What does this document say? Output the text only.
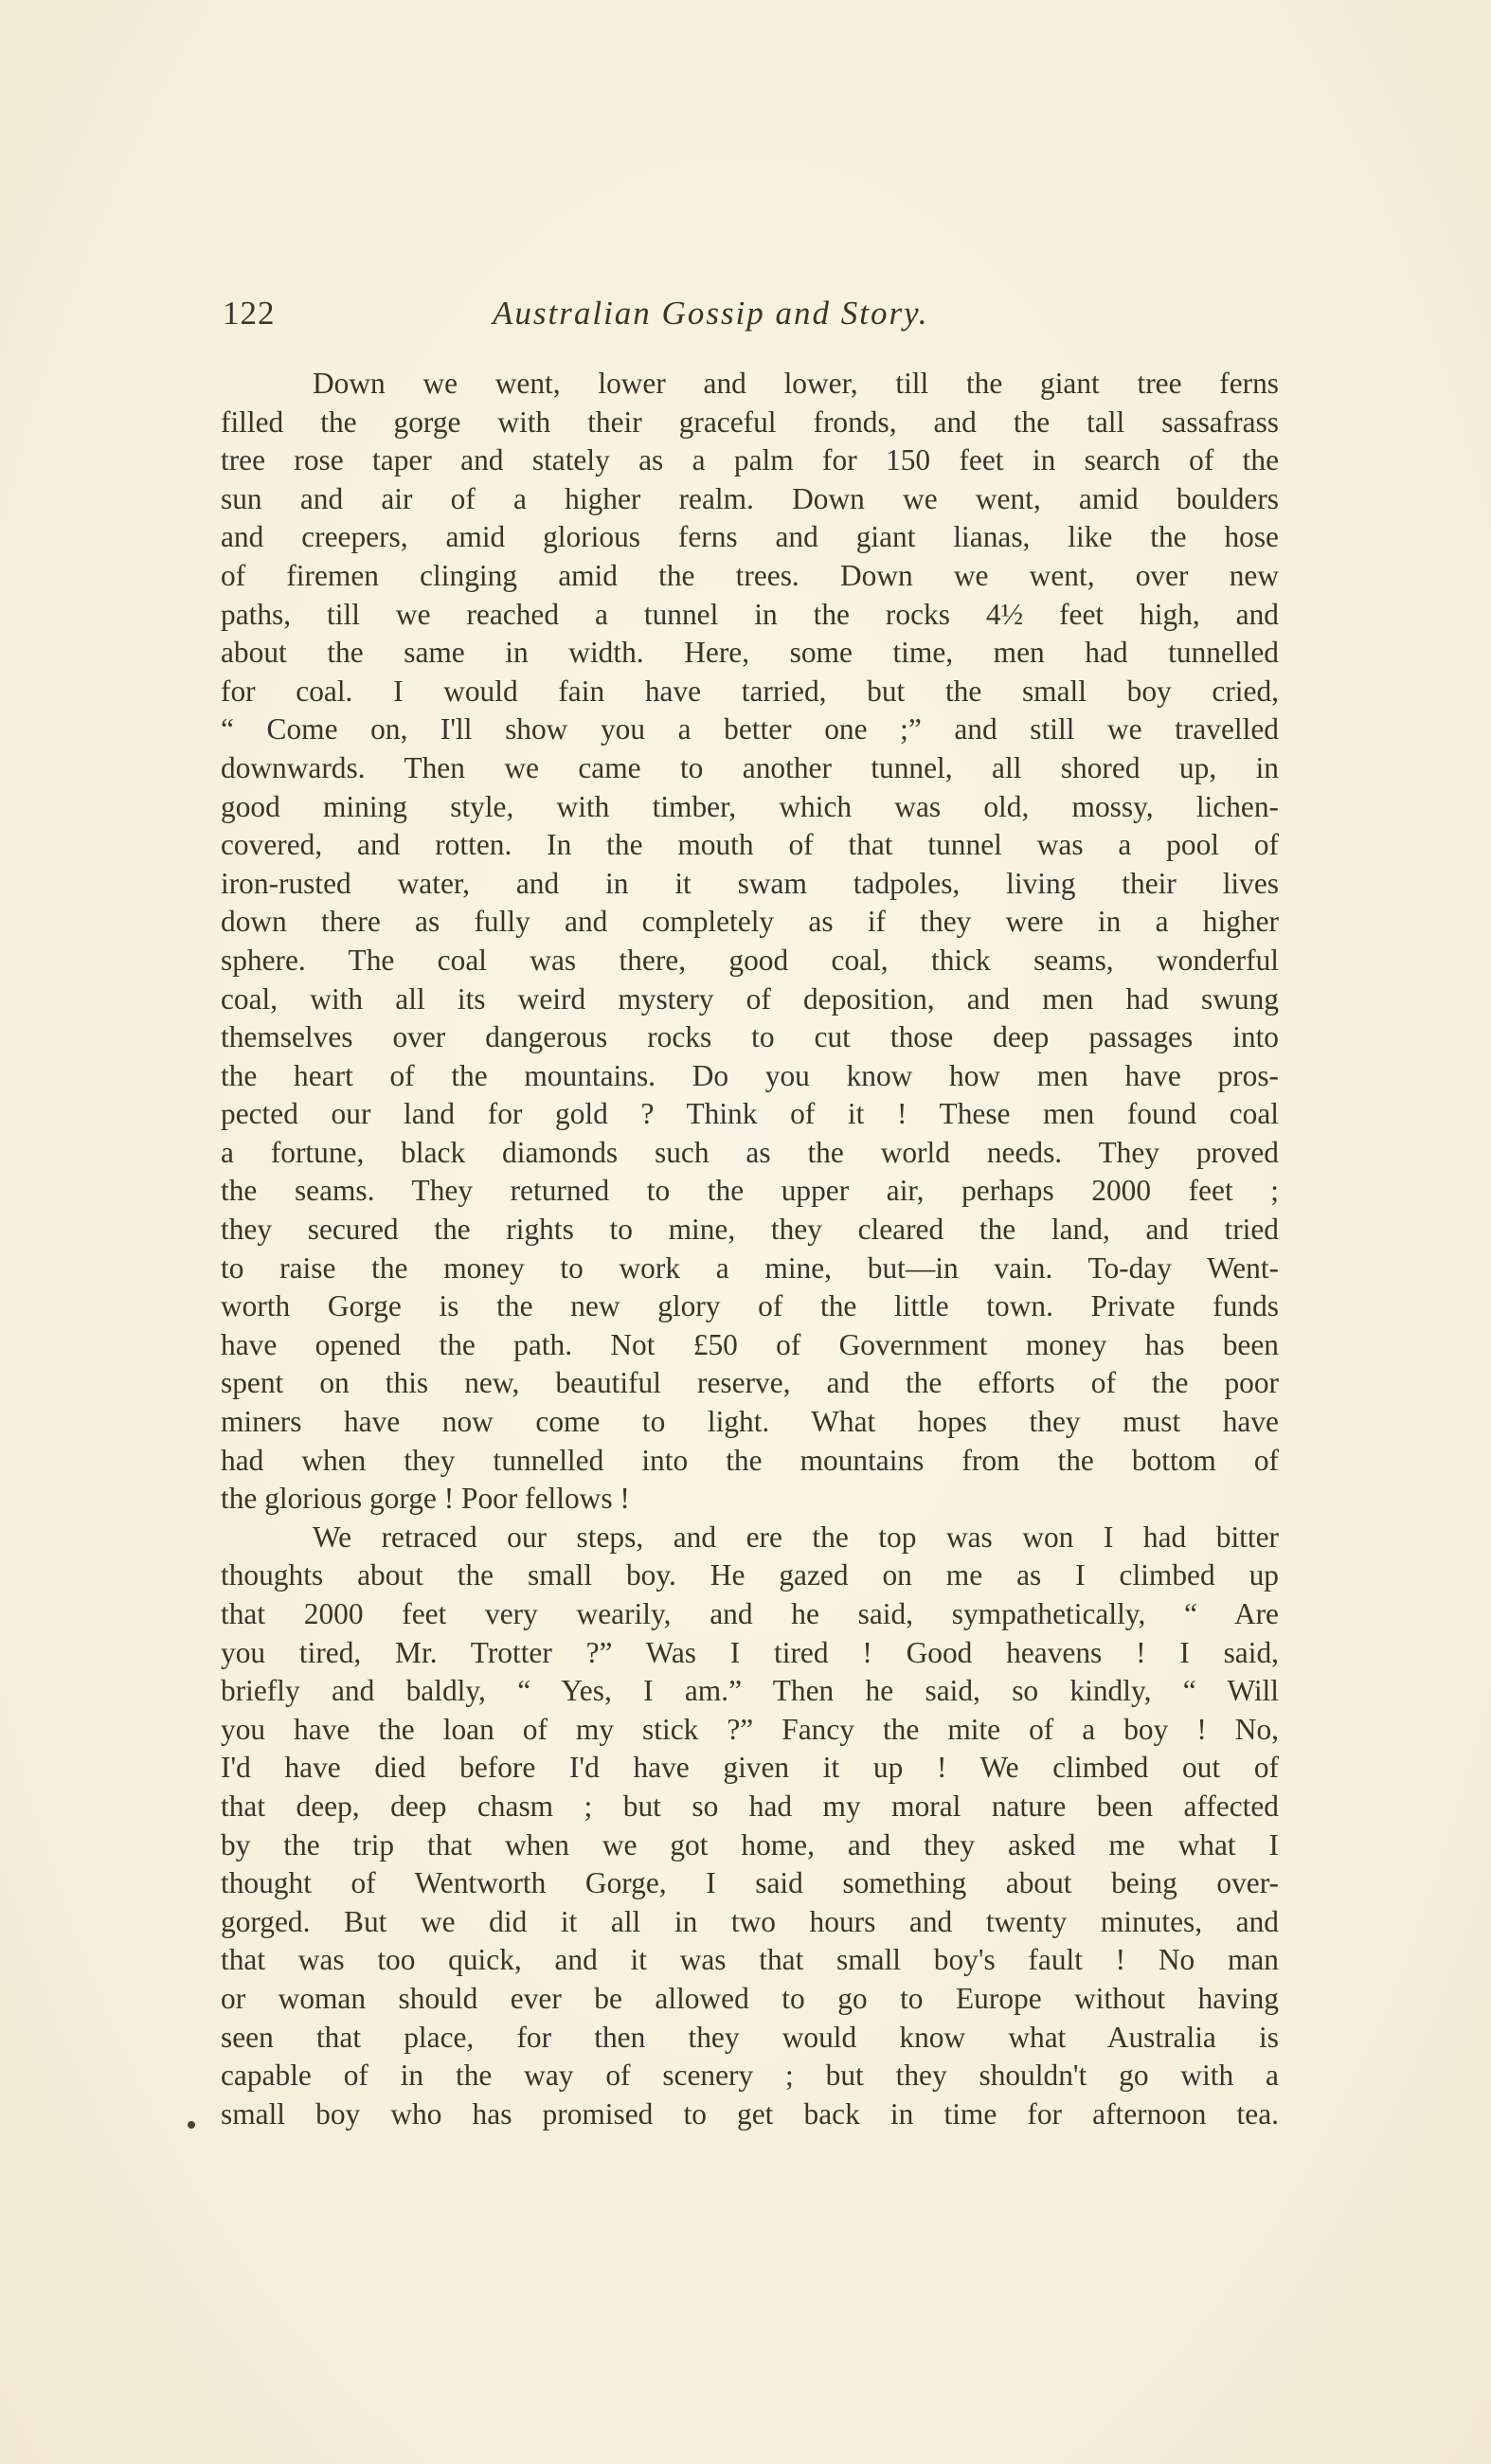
122	Australian Gossip and Story.
Down we went, lower and lower, till the giant tree ferns
filled the gorge with their graceful fronds, and the tall sassafrass
tree rose taper and stately as a palm for 150 feet in search of the
sun and air of a higher realm. Down we went, amid boulders
and creepers, amid glorious ferns and giant lianas, like the hose
of firemen clinging amid the trees. Down we went, over new
paths, till we reached a tunnel in the rocks 4½ feet high, and
about the same in width. Here, some time, men had tunnelled
for coal. I would fain have tarried, but the small boy cried,
“ Come on, I'll show you a better one ;” and still we travelled
downwards. Then we came to another tunnel, all shored up, in
good mining style, with timber, which was old, mossy, lichen-
covered, and rotten. In the mouth of that tunnel was a pool of
iron-rusted water, and in it swam tadpoles, living their lives
down there as fully and completely as if they were in a higher
sphere. The coal was there, good coal, thick seams, wonderful
coal, with all its weird mystery of deposition, and men had swung
themselves over dangerous rocks to cut those deep passages into
the heart of the mountains. Do you know how men have pros-
pected our land for gold ? Think of it ! These men found coal
a fortune, black diamonds such as the world needs. They proved
the seams. They returned to the upper air, perhaps 2000 feet ;
they secured the rights to mine, they cleared the land, and tried
to raise the money to work a mine, but—in vain. To-day Went-
worth Gorge is the new glory of the little town. Private funds
have opened the path. Not £50 of Government money has been
spent on this new, beautiful reserve, and the efforts of the poor
miners have now come to light. What hopes they must have
had when they tunnelled into the mountains from the bottom of
the glorious gorge ! Poor fellows !
We retraced our steps, and ere the top was won I had bitter
thoughts about the small boy. He gazed on me as I climbed up
that 2000 feet very wearily, and he said, sympathetically, “ Are
you tired, Mr. Trotter ?” Was I tired ! Good heavens ! I said,
briefly and baldly, “ Yes, I am.” Then he said, so kindly, “ Will
you have the loan of my stick ?” Fancy the mite of a boy ! No,
I'd have died before I'd have given it up ! We climbed out of
that deep, deep chasm ; but so had my moral nature been affected
by the trip that when we got home, and they asked me what I
thought of Wentworth Gorge, I said something about being over-
gorged. But we did it all in two hours and twenty minutes, and
that was too quick, and it was that small boy's fault ! No man
or woman should ever be allowed to go to Europe without having
seen that place, for then they would know what Australia is
capable of in the way of scenery ; but they shouldn't go with a
small boy who has promised to get back in time for afternoon tea.
